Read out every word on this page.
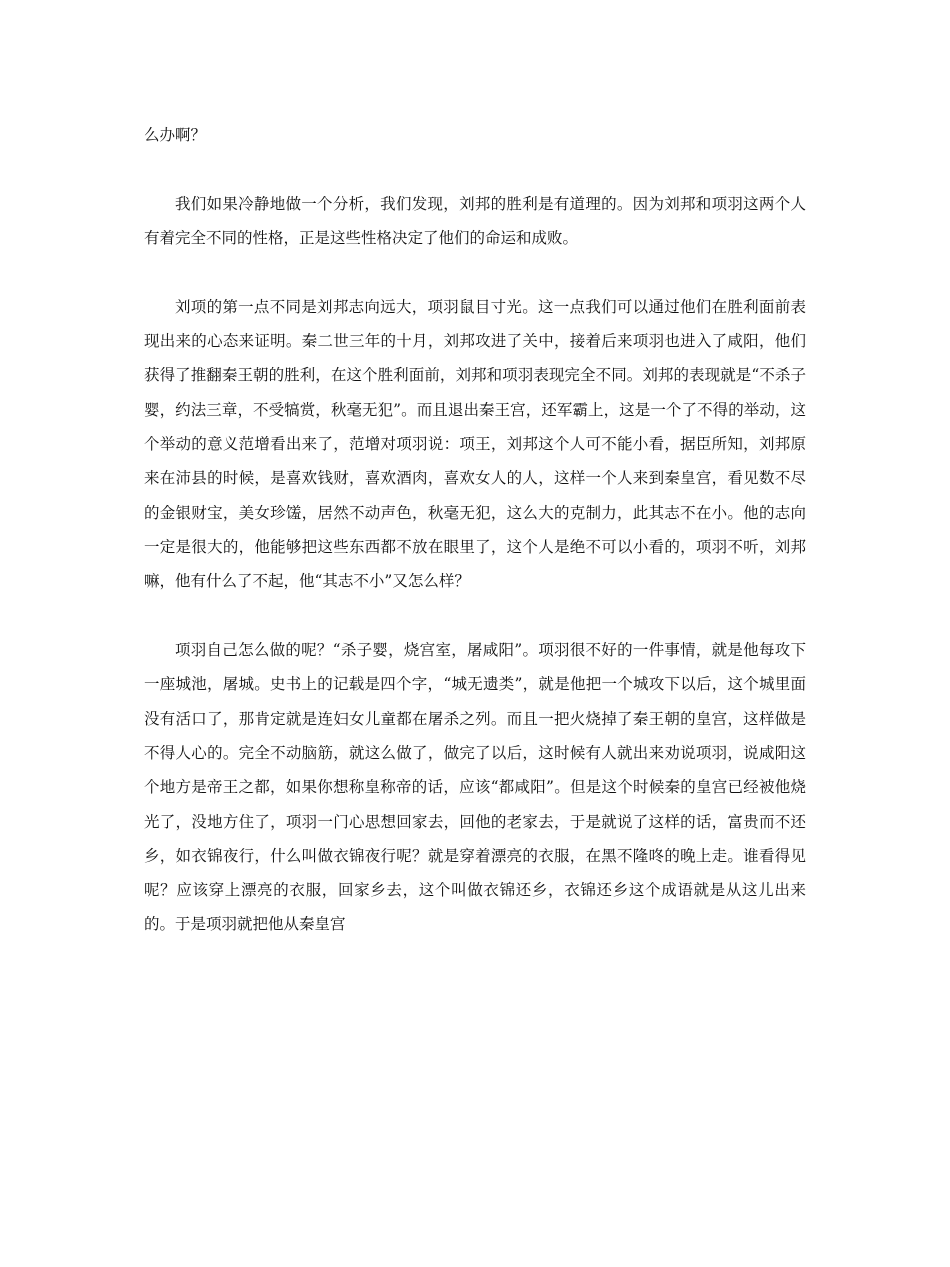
么办啊？

我们如果冷静地做一个分析，我们发现，刘邦的胜利是有道理的。因为刘邦和项羽这两个人有着完全不同的性格，正是这些性格决定了他们的命运和成败。

刘项的第一点不同是刘邦志向远大，项羽鼠目寸光。这一点我们可以通过他们在胜利面前表现出来的心态来证明。秦二世三年的十月，刘邦攻进了关中，接着后来项羽也进入了咸阳，他们获得了推翻秦王朝的胜利，在这个胜利面前，刘邦和项羽表现完全不同。刘邦的表现就是“不杀子婴，约法三章，不受犒赏，秋毫无犯”。而且退出秦王宫，还军霸上，这是一个了不得的举动，这个举动的意义范增看出来了，范增对项羽说：项王，刘邦这个人可不能小看，据臣所知，刘邦原来在沛县的时候，是喜欢钱财，喜欢酒肉，喜欢女人的人，这样一个人来到秦皇宫，看见数不尽的金银财宝，美女珍馐，居然不动声色，秋毫无犯，这么大的克制力，此其志不在小。他的志向一定是很大的，他能够把这些东西都不放在眼里了，这个人是绝不可以小看的，项羽不听，刘邦嘛，他有什么了不起，他“其志不小”又怎么样？

项羽自己怎么做的呢？“杀子婴，烧宫室，屠咸阳”。项羽很不好的一件事情，就是他每攻下一座城池，屠城。史书上的记载是四个字，“城无遗类”，就是他把一个城攻下以后，这个城里面没有活口了，那肯定就是连妇女儿童都在屠杀之列。而且一把火烧掉了秦王朝的皇宫，这样做是不得人心的。完全不动脑筋，就这么做了，做完了以后，这时候有人就出来劝说项羽，说咸阳这个地方是帝王之都，如果你想称皇称帝的话，应该“都咸阳”。但是这个时候秦的皇宫已经被他烧光了，没地方住了，项羽一门心思想回家去，回他的老家去，于是就说了这样的话，富贵而不还乡，如衣锦夜行，什么叫做衣锦夜行呢？就是穿着漂亮的衣服，在黑不隆咚的晚上走。谁看得见呢？应该穿上漂亮的衣服，回家乡去，这个叫做衣锦还乡，衣锦还乡这个成语就是从这儿出来的。于是项羽就把他从秦皇宫
